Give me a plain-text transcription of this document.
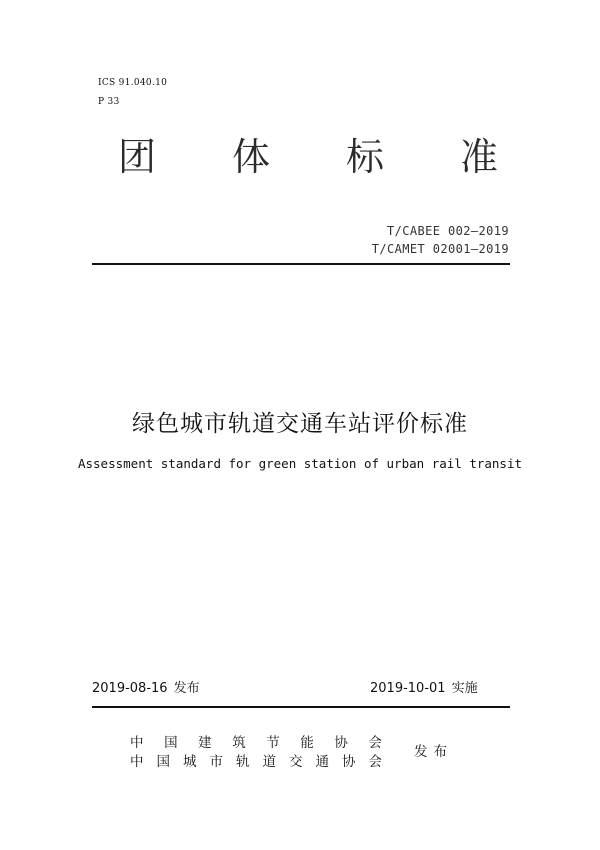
ICS 91.040.10
P 33
团 体 标 准
T/CABEE 002—2019
T/CAMET 02001—2019
绿色城市轨道交通车站评价标准
Assessment standard for green station of urban rail transit
2019-08-16 发布	2019-10-01 实施
中 国 建 筑 节 能 协 会
中 国 城 市 轨 道 交 通 协 会
发布
